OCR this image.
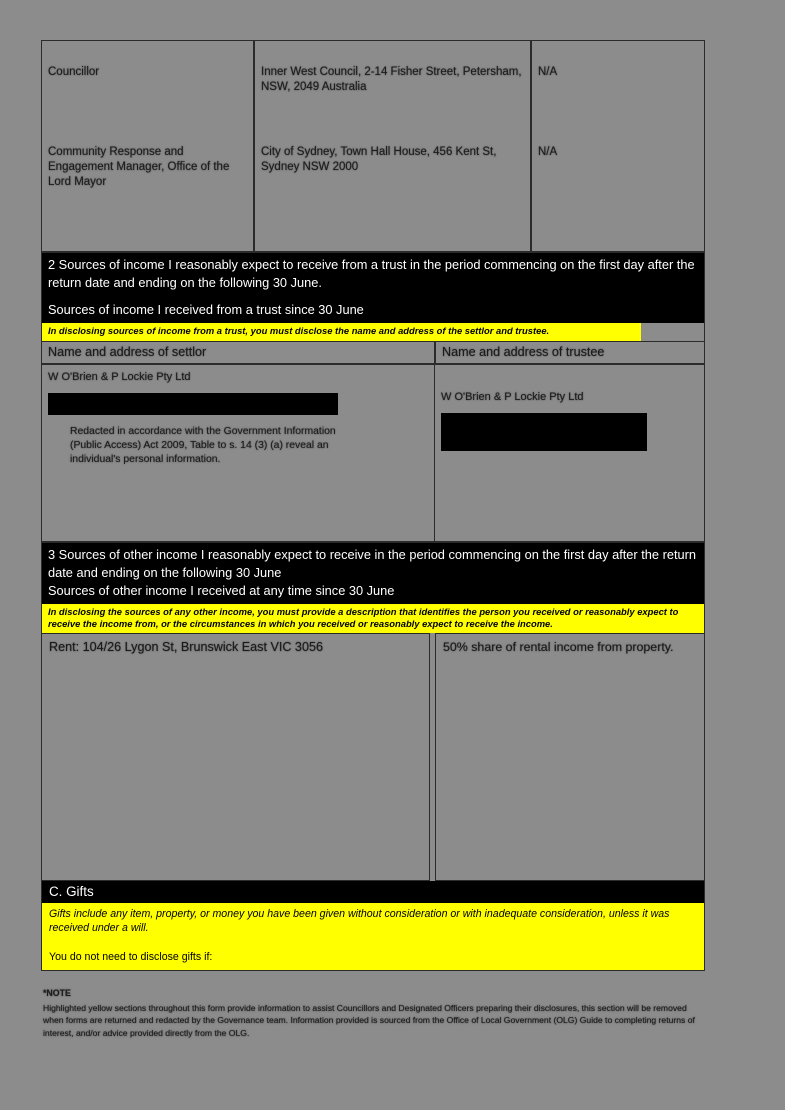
Councillor
Community Response and Engagement Manager, Office of the Lord Mayor
Inner West Council, 2-14 Fisher Street, Petersham, NSW, 2049 Australia
City of Sydney, Town Hall House, 456 Kent St, Sydney NSW 2000
N/A
N/A
2 Sources of income I reasonably expect to receive from a trust in the period commencing on the first day after the return date and ending on the following 30 June.
Sources of income I received from a trust since 30 June
In disclosing sources of income from a trust, you must disclose the name and address of the settlor and trustee.
Name and address of settlor	Name and address of trustee
W O'Brien & P Lockie Pty Ltd
Redacted in accordance with the Government Information (Public Access) Act 2009, Table to s. 14 (3) (a) reveal an individual's personal information.
W O'Brien & P Lockie Pty Ltd
3 Sources of other income I reasonably expect to receive in the period commencing on the first day after the return date and ending on the following 30 June
Sources of other income I received at any time since 30 June
In disclosing the sources of any other income, you must provide a description that identifies the person you received or reasonably expect to receive the income from, or the circumstances in which you received or reasonably expect to receive the income.
Rent: 104/26 Lygon St, Brunswick East VIC 3056	50% share of rental income from property.
C. Gifts
Gifts include any item, property, or money you have been given without consideration or with inadequate consideration, unless it was received under a will.
You do not need to disclose gifts if:
*NOTE
Highlighted yellow sections throughout this form provide information to assist Councillors and Designated Officers preparing their disclosures, this section will be removed when forms are returned and redacted by the Governance team. Information provided is sourced from the Office of Local Government (OLG) Guide to completing returns of interest, and/or advice provided directly from the OLG.
